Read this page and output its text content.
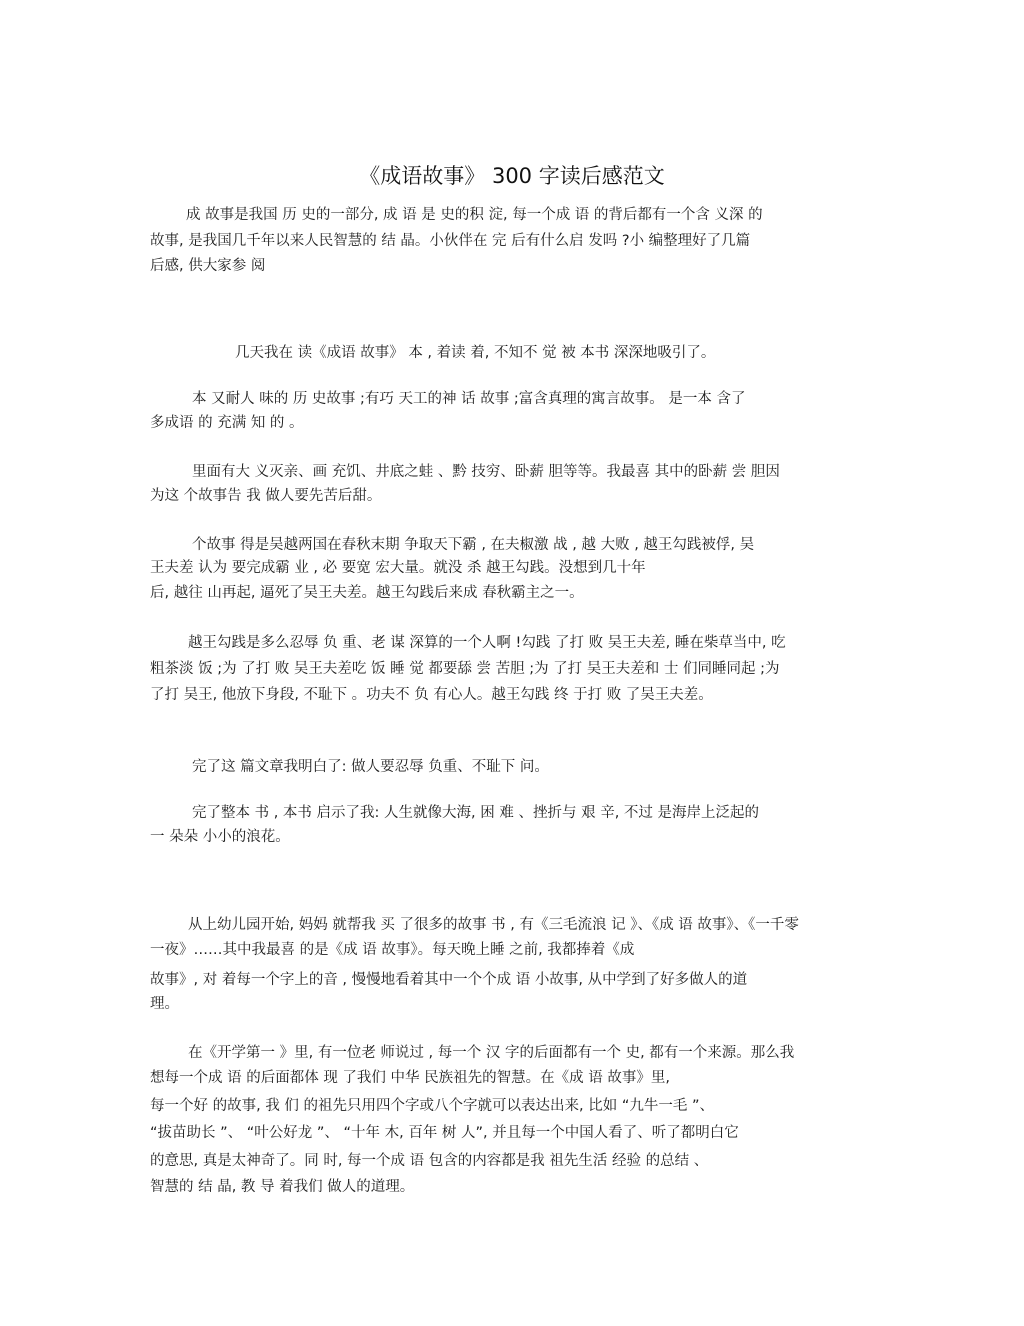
《成语故事》 300 字读后感范文
成 故事是我国 历 史的一部分, 成 语 是 史的积 淀, 每一个成 语 的背后都有一个含 义深 的
故事, 是我国几千年以来人民智慧的 结 晶。小伙伴在 完 后有什么启 发吗 ?小 编整理好了几篇
后感, 供大家参 阅
几天我在 读《成语 故事》 本 , 着读 着, 不知不 觉 被 本书 深深地吸引了。
本 又耐人 味的 历 史故事 ;有巧 天工的神 话 故事 ;富含真理的寓言故事。 是一本 含了
多成语 的 充满 知 的 。
里面有大 义灭亲、画 充饥、井底之蛙 、黔 技穷、卧薪 胆等等。我最喜 其中的卧薪 尝 胆因
为这 个故事告 我 做人要先苦后甜。
个故事 得是吴越两国在春秋末期 争取天下霸 , 在夫椒激 战 , 越 大败 , 越王勾践被俘, 吴
王夫差 认为 要完成霸 业 , 必 要宽 宏大量。就没 杀 越王勾践。没想到几十年
后, 越往 山再起, 逼死了吴王夫差。越王勾践后来成 春秋霸主之一。
越王勾践是多么忍辱 负 重、老 谋 深算的一个人啊 !勾践 了打 败 吴王夫差, 睡在柴草当中, 吃
粗茶淡 饭 ;为 了打 败 吴王夫差吃 饭 睡 觉 都要舔 尝 苦胆 ;为 了打 吴王夫差和 士 们同睡同起 ;为
了打 吴王, 他放下身段, 不耻下 。功夫不 负 有心人。越王勾践 终 于打 败 了吴王夫差。
完了这 篇文章我明白了: 做人要忍辱 负重、不耻下 问。
完了整本 书 , 本书 启示了我: 人生就像大海, 困 难 、挫折与 艰 辛, 不过 是海岸上泛起的
一 朵朵 小小的浪花。
从上幼儿园开始, 妈妈 就帮我 买 了很多的故事 书 , 有《三毛流浪 记 》、《成 语 故事》、《一千零
一夜》……其中我最喜 的是《成 语 故事》。每天晚上睡 之前, 我都捧着《成
故事》, 对 着每一个字上的音 , 慢慢地看着其中一个个成 语 小故事, 从中学到了好多做人的道
理。
在《开学第一 》里, 有一位老 师说过 , 每一个 汉 字的后面都有一个 史, 都有一个来源。那么我
想每一个成 语 的后面都体 现 了我们 中华 民族祖先的智慧。在《成 语 故事》里,
每一个好 的故事, 我 们 的祖先只用四个字或八个字就可以表达出来, 比如 “九牛一毛 ”、
“拔苗助长 ”、 “叶公好龙 ”、 “十年 木, 百年 树 人”, 并且每一个中国人看了、听了都明白它
的意思, 真是太神奇了。同 时, 每一个成 语 包含的内容都是我 祖先生活 经验 的总结 、
智慧的 结 晶, 教 导 着我们 做人的道理。
